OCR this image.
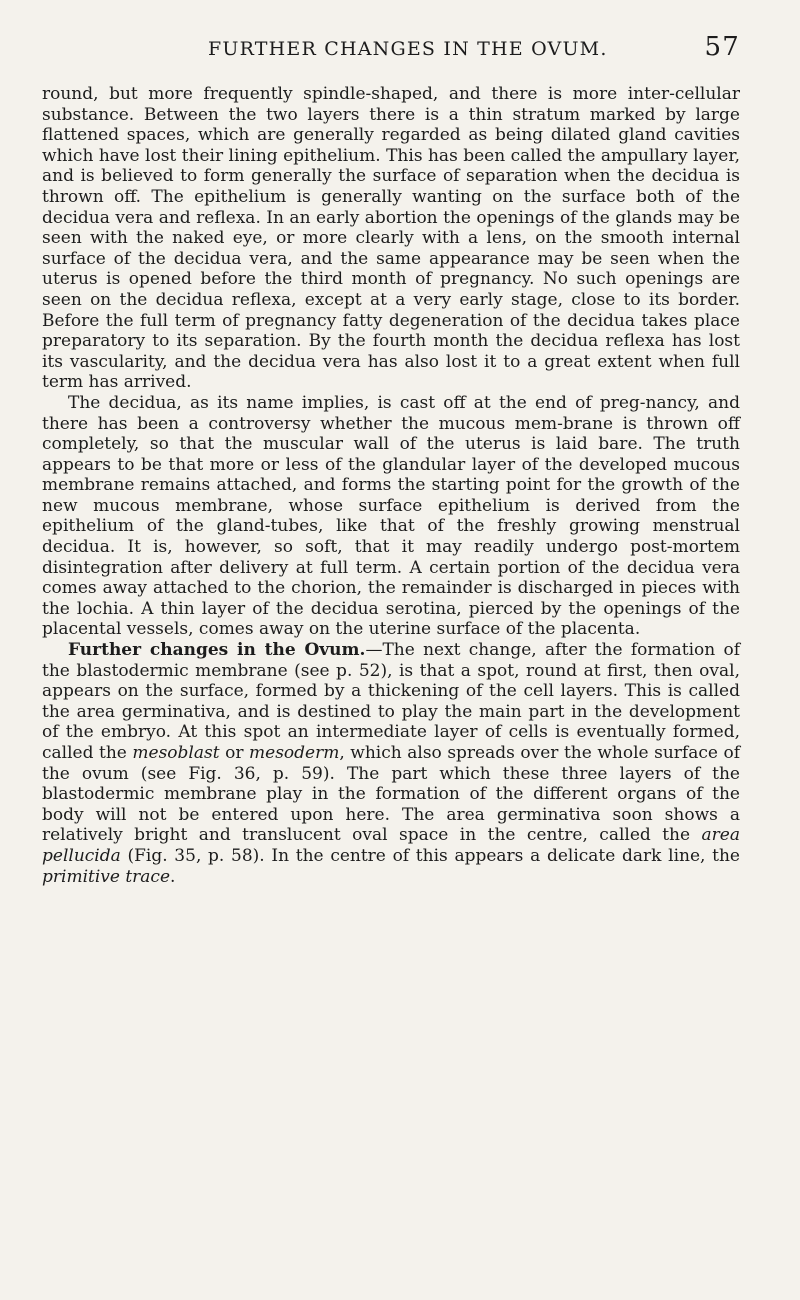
FURTHER CHANGES IN THE OVUM.	57

round, but more frequently spindle-shaped, and there is more inter-cellular substance. Between the two layers there is a thin stratum marked by large flattened spaces, which are generally regarded as being dilated gland cavities which have lost their lining epithelium. This has been called the ampullary layer, and is believed to form generally the surface of separation when the decidua is thrown off. The epithelium is generally wanting on the surface both of the decidua vera and reflexa. In an early abortion the openings of the glands may be seen with the naked eye, or more clearly with a lens, on the smooth internal surface of the decidua vera, and the same appearance may be seen when the uterus is opened before the third month of pregnancy. No such openings are seen on the decidua reflexa, except at a very early stage, close to its border. Before the full term of pregnancy fatty degeneration of the decidua takes place preparatory to its separation. By the fourth month the decidua reflexa has lost its vascularity, and the decidua vera has also lost it to a great extent when full term has arrived.

The decidua, as its name implies, is cast off at the end of preg-nancy, and there has been a controversy whether the mucous mem-brane is thrown off completely, so that the muscular wall of the uterus is laid bare. The truth appears to be that more or less of the glandular layer of the developed mucous membrane remains attached, and forms the starting point for the growth of the new mucous membrane, whose surface epithelium is derived from the epithelium of the gland-tubes, like that of the freshly growing menstrual decidua. It is, however, so soft, that it may readily undergo post-mortem disintegration after delivery at full term. A certain portion of the decidua vera comes away attached to the chorion, the remainder is discharged in pieces with the lochia. A thin layer of the decidua serotina, pierced by the openings of the placental vessels, comes away on the uterine surface of the placenta.

Further changes in the Ovum.—The next change, after the formation of the blastodermic membrane (see p. 52), is that a spot, round at first, then oval, appears on the surface, formed by a thickening of the cell layers. This is called the area germinativa, and is destined to play the main part in the development of the embryo. At this spot an intermediate layer of cells is eventually formed, called the mesoblast or mesoderm, which also spreads over the whole surface of the ovum (see Fig. 36, p. 59). The part which these three layers of the blastodermic membrane play in the formation of the different organs of the body will not be entered upon here. The area germinativa soon shows a relatively bright and translucent oval space in the centre, called the area pellucida (Fig. 35, p. 58). In the centre of this appears a delicate dark line, the primitive trace.
